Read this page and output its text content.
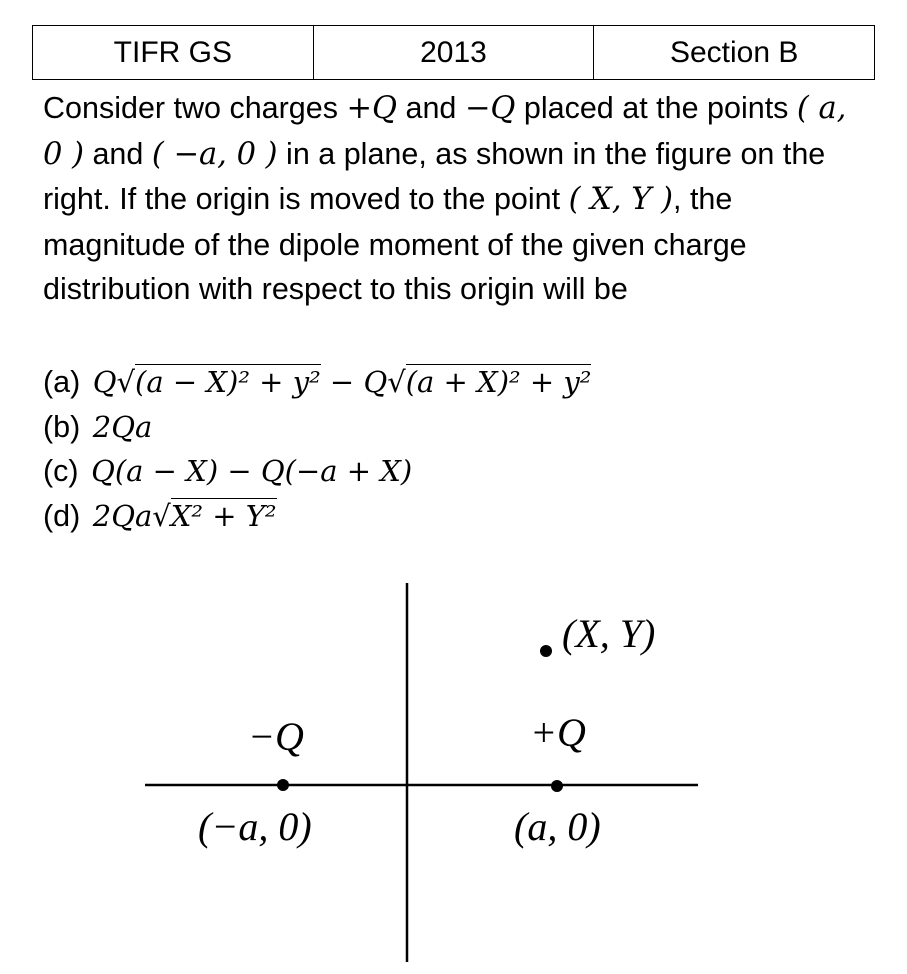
TIFR GS	2013	Section B

Consider two charges +Q and −Q placed at the points ( a, 0 ) and ( −a, 0 ) in a plane, as shown in the figure on the right. If the origin is moved to the point ( X, Y ), the magnitude of the dipole moment of the given charge distribution with respect to this origin will be

(a) Q√(a − X)² + y² − Q√(a + X)² + y²
(b) 2Qa
(c) Q(a − X) − Q(−a + X)
(d) 2Qa√X² + Y²
−Q	+Q
(−a, 0)	(a, 0)
(X, Y)
